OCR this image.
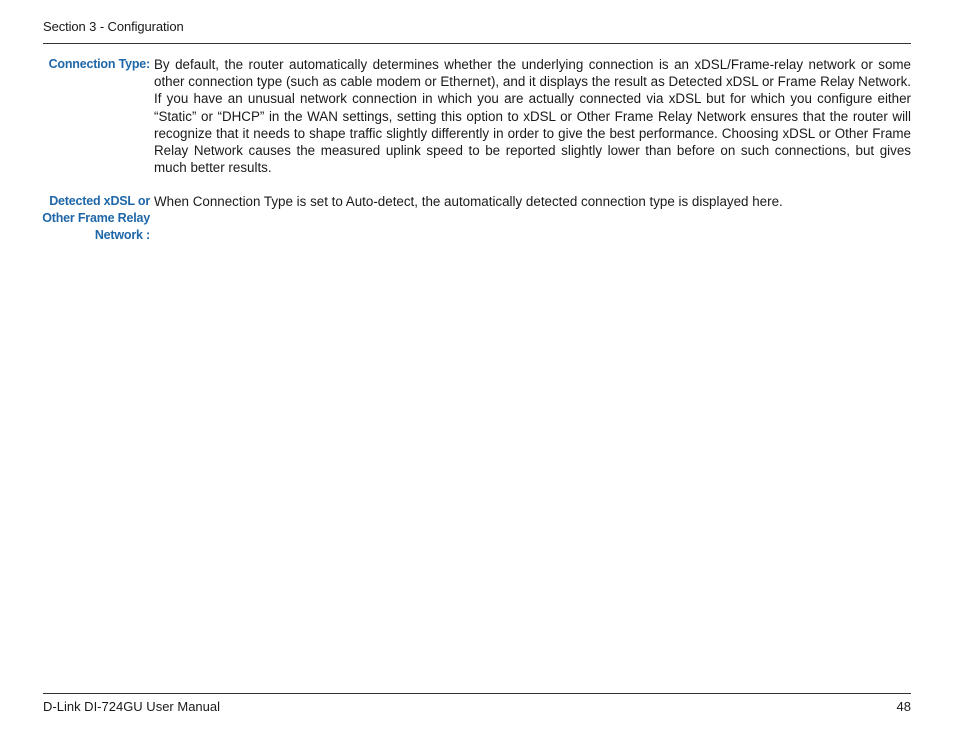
Section 3 - Configuration
Connection Type: By default, the router automatically determines whether the underlying connection is an xDSL/Frame-relay network or some other connection type (such as cable modem or Ethernet), and it displays the result as Detected xDSL or Frame Relay Network. If you have an unusual network connection in which you are actually connected via xDSL but for which you configure either “Static” or “DHCP” in the WAN settings, setting this option to xDSL or Other Frame Relay Network ensures that the router will recognize that it needs to shape traffic slightly differently in order to give the best performance. Choosing xDSL or Other Frame Relay Network causes the measured uplink speed to be reported slightly lower than before on such connections, but gives much better results.
Detected xDSL or
Other Frame Relay
Network :
When Connection Type is set to Auto-detect, the automatically detected connection type is displayed here.
D-Link DI-724GU User Manual	48
